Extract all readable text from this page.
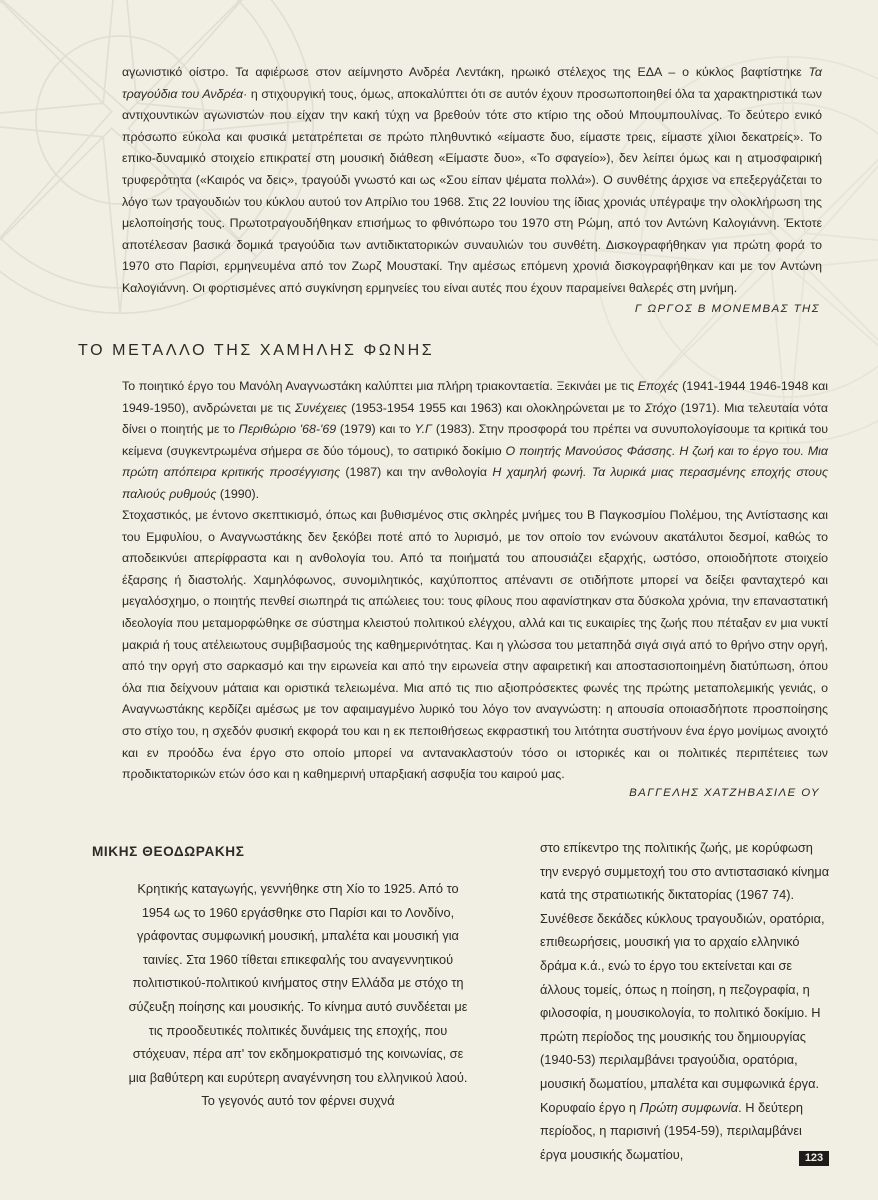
αγωνιστικό οίστρο. Τα αφιέρωσε στον αείμνηστο Ανδρέα Λεντάκη, ηρωικό στέλεχος της ΕΔΑ – ο κύκλος βαφτίστηκε Τα τραγούδια του Ανδρέα· η στιχουργική τους, όμως, αποκαλύπτει ότι σε αυτόν έχουν προσωποποιηθεί όλα τα χαρακτηριστικά των αντιχουντικών αγωνιστών που είχαν την κακή τύχη να βρεθούν τότε στο κτίριο της οδού Μπουμπουλίνας. Το δεύτερο ενικό πρόσωπο εύκολα και φυσικά μετατρέπεται σε πρώτο πληθυντικό «είμαστε δυο, είμαστε τρεις, είμαστε χίλιοι δεκατρείς». Το επικο-δυναμικό στοιχείο επικρατεί στη μουσική διάθεση «Είμαστε δυο», «Το σφαγείο»), δεν λείπει όμως και η ατμοσφαιρική τρυφερότητα («Καιρός να δεις», τραγούδι γνωστό και ως «Σου είπαν ψέματα πολλά»). Ο συνθέτης άρχισε να επεξεργάζεται το λόγο των τραγουδιών του κύκλου αυτού τον Απρίλιο του 1968. Στις 22 Ιουνίου της ίδιας χρονιάς υπέγραψε την ολοκλήρωση της μελοποίησής τους. Πρωτοτραγουδήθηκαν επισήμως το φθινόπωρο του 1970 στη Ρώμη, από τον Αντώνη Καλογιάννη. Έκτοτε αποτέλεσαν βασικά δομικά τραγούδια των αντιδικτατορικών συναυλιών του συνθέτη. Δισκογραφήθηκαν για πρώτη φορά το 1970 στο Παρίσι, ερμηνευμένα από τον Ζωρζ Μουστακί. Την αμέσως επόμενη χρονιά δισκογραφήθηκαν και με τον Αντώνη Καλογιάννη. Οι φορτισμένες από συγκίνηση ερμηνείες του είναι αυτές που έχουν παραμείνει θαλερές στη μνήμη.

Γ ΩΡΓΟΣ Β ΜΟΝΕΜΒΑΣ ΤΗΣ
ΤΟ ΜΕΤΑΛΛΟ ΤΗΣ ΧΑΜΗΛΗΣ ΦΩΝΗΣ

Το ποιητικό έργο του Μανόλη Αναγνωστάκη καλύπτει μια πλήρη τριακονταετία. Ξεκινάει με τις Εποχές (1941-1944 1946-1948 και 1949-1950), ανδρώνεται με τις Συνέχειες (1953-1954 1955 και 1963) και ολοκληρώνεται με το Στόχο (1971). Μια τελευταία νότα δίνει ο ποιητής με το Περιθώριο '68-'69 (1979) και το Υ.Γ (1983). Στην προσφορά του πρέπει να συνυπολογίσουμε τα κριτικά του κείμενα (συγκεντρωμένα σήμερα σε δύο τόμους), το σατιρικό δοκίμιο Ο ποιητής Μανούσος Φάσσης. Η ζωή και το έργο του. Μια πρώτη απόπειρα κριτικής προσέγγισης (1987) και την ανθολογία Η χαμηλή φωνή. Τα λυρικά μιας περασμένης εποχής στους παλιούς ρυθμούς (1990).

Στοχαστικός, με έντονο σκεπτικισμό, όπως και βυθισμένος στις σκληρές μνήμες του Β Παγκοσμίου Πολέμου, της Αντίστασης και του Εμφυλίου, ο Αναγνωστάκης δεν ξεκόβει ποτέ από το λυρισμό, με τον οποίο τον ενώνουν ακατάλυτοι δεσμοί, καθώς το αποδεικνύει απερίφραστα και η ανθολογία του. Από τα ποιήματά του απουσιάζει εξαρχής, ωστόσο, οποιοδήποτε στοιχείο έξαρσης ή διαστολής. Χαμηλόφωνος, συνομιλητικός, καχύποπτος απέναντι σε οτιδήποτε μπορεί να δείξει φανταχτερό και μεγαλόσχημο, ο ποιητής πενθεί σιωπηρά τις απώλειες του: τους φίλους που αφανίστηκαν στα δύσκολα χρόνια, την επαναστατική ιδεολογία που μεταμορφώθηκε σε σύστημα κλειστού πολιτικού ελέγχου, αλλά και τις ευκαιρίες της ζωής που πέταξαν εν μια νυκτί μακριά ή τους ατέλειωτους συμβιβασμούς της καθημερινότητας. Και η γλώσσα του μεταπηδά σιγά σιγά από το θρήνο στην οργή, από την οργή στο σαρκασμό και την ειρωνεία και από την ειρωνεία στην αφαιρετική και αποστασιοποιημένη διατύπωση, όπου όλα πια δείχνουν μάταια και οριστικά τελειωμένα. Μια από τις πιο αξιοπρόσεκτες φωνές της πρώτης μεταπολεμικής γενιάς, ο Αναγνωστάκης κερδίζει αμέσως με τον αφαιμαγμένο λυρικό του λόγο τον αναγνώστη: η απουσία οποιασδήποτε προσποίησης στο στίχο του, η σχεδόν φυσική εκφορά του και η εκ πεποιθήσεως εκφραστική του λιτότητα συστήνουν ένα έργο μονίμως ανοιχτό και εν προόδω ένα έργο στο οποίο μπορεί να αντανακλαστούν τόσο οι ιστορικές και οι πολιτικές περιπέτειες των προδικτατορικών ετών όσο και η καθημερινή υπαρξιακή ασφυξία του καιρού μας.

ΒΑΓΓΕΛΗΣ ΧΑΤΖΗΒΑΣΙΛΕ ΟΥ
ΜΙΚΗΣ ΘΕΟΔΩΡΑΚΗΣ

Κρητικής καταγωγής, γεννήθηκε στη Χίο το 1925. Από το 1954 ως το 1960 εργάσθηκε στο Παρίσι και το Λονδίνο, γράφοντας συμφωνική μουσική, μπαλέτα και μουσική για ταινίες. Στα 1960 τίθεται επικεφαλής του αναγεννητικού πολιτιστικού-πολιτικού κινήματος στην Ελλάδα με στόχο τη σύζευξη ποίησης και μουσικής. Το κίνημα αυτό συνδέεται με τις προοδευτικές πολιτικές δυνάμεις της εποχής, που στόχευαν, πέρα απ' τον εκδημοκρατισμό της κοινωνίας, σε μια βαθύτερη και ευρύτερη αναγέννηση του ελληνικού λαού. Το γεγονός αυτό τον φέρνει συχνά

στο επίκεντρο της πολιτικής ζωής, με κορύφωση την ενεργό συμμετοχή του στο αντιστασιακό κίνημα κατά της στρατιωτικής δικτατορίας (1967 74). Συνέθεσε δεκάδες κύκλους τραγουδιών, ορατόρια, επιθεωρήσεις, μουσική για το αρχαίο ελληνικό δράμα κ.ά., ενώ το έργο του εκτείνεται και σε άλλους τομείς, όπως η ποίηση, η πεζογραφία, η φιλοσοφία, η μουσικολογία, το πολιτικό δοκίμιο. Η πρώτη περίοδος της μουσικής του δημιουργίας (1940-53) περιλαμβάνει τραγούδια, ορατόρια, μουσική δωματίου, μπαλέτα και συμφωνικά έργα. Κορυφαίο έργο η Πρώτη συμφωνία. Η δεύτερη περίοδος, η παρισινή (1954-59), περιλαμβάνει έργα μουσικής δωματίου,	123
